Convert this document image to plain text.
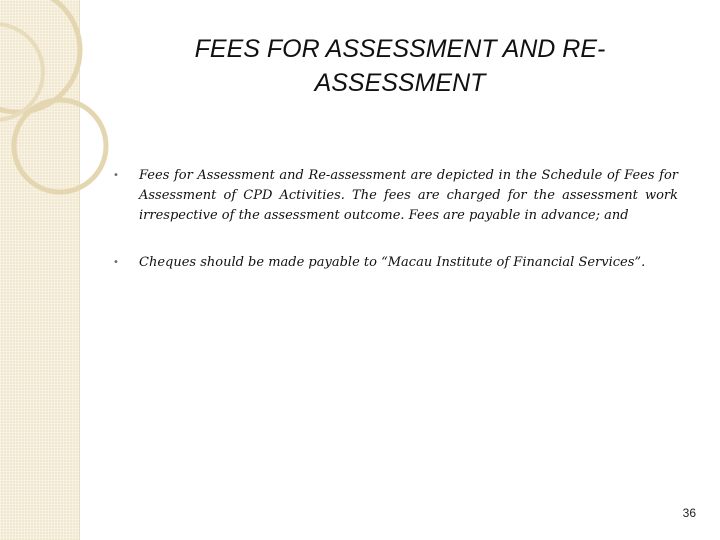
FEES FOR ASSESSMENT AND RE-ASSESSMENT
• Fees for Assessment and Re-assessment are depicted in the Schedule of Fees for Assessment of CPD Activities. The fees are charged for the assessment work irrespective of the assessment outcome. Fees are payable in advance; and
• Cheques should be made payable to “Macau Institute of Financial Services”.
36
